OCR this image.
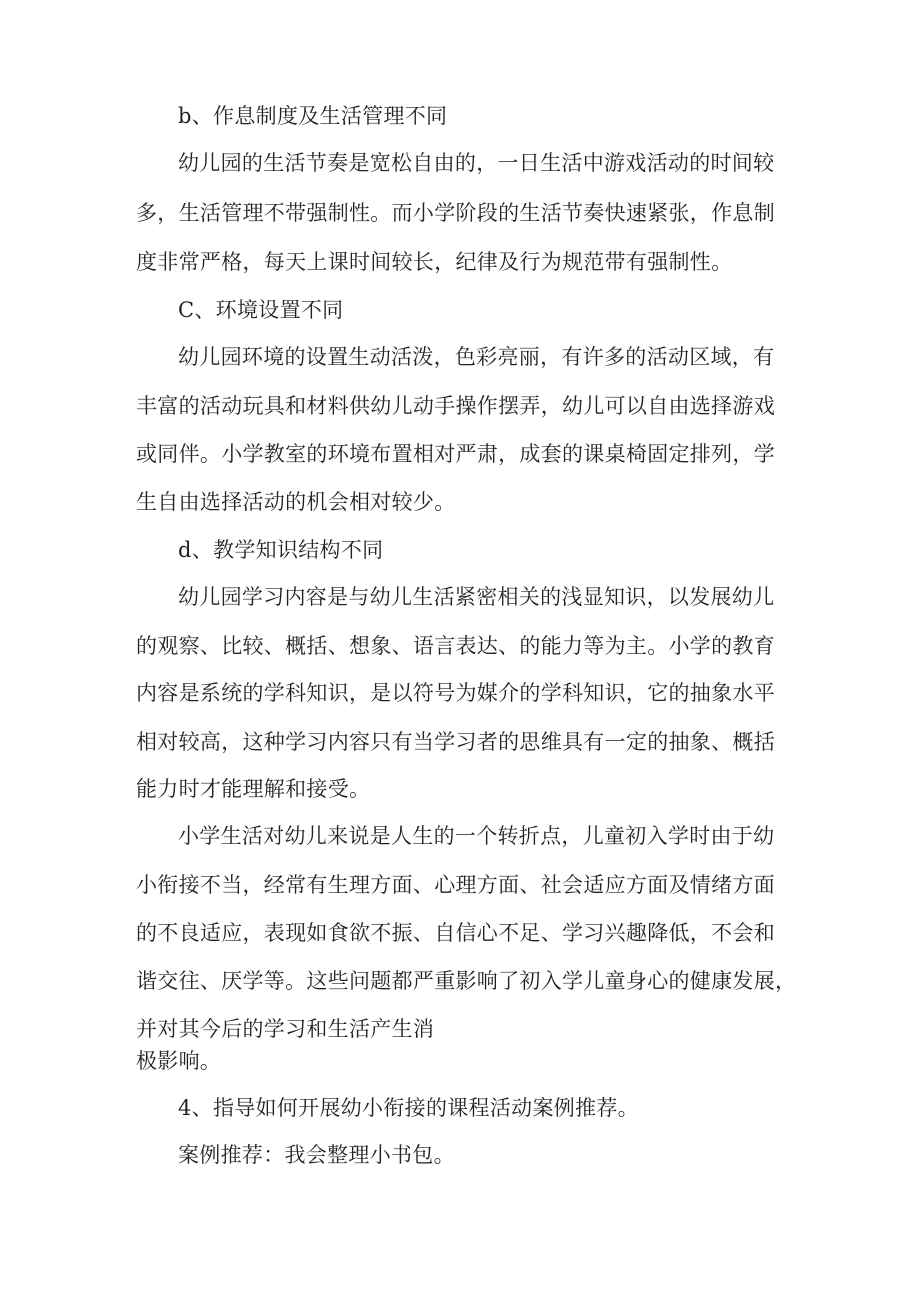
b、作息制度及生活管理不同
幼儿园的生活节奏是宽松自由的，一日生活中游戏活动的时间较
多，生活管理不带强制性。而小学阶段的生活节奏快速紧张，作息制
度非常严格，每天上课时间较长，纪律及行为规范带有强制性。
C、环境设置不同
幼儿园环境的设置生动活泼，色彩亮丽，有许多的活动区域，有
丰富的活动玩具和材料供幼儿动手操作摆弄，幼儿可以自由选择游戏
或同伴。小学教室的环境布置相对严肃，成套的课桌椅固定排列，学
生自由选择活动的机会相对较少。
d、教学知识结构不同
幼儿园学习内容是与幼儿生活紧密相关的浅显知识，以发展幼儿
的观察、比较、概括、想象、语言表达、的能力等为主。小学的教育
内容是系统的学科知识，是以符号为媒介的学科知识，它的抽象水平
相对较高，这种学习内容只有当学习者的思维具有一定的抽象、概括
能力时才能理解和接受。
小学生活对幼儿来说是人生的一个转折点，儿童初入学时由于幼
小衔接不当，经常有生理方面、心理方面、社会适应方面及情绪方面
的不良适应，表现如食欲不振、自信心不足、学习兴趣降低，不会和
谐交往、厌学等。这些问题都严重影响了初入学儿童身心的健康发展，
并对其今后的学习和生活产生消
极影响。
4、指导如何开展幼小衔接的课程活动案例推荐。
案例推荐：我会整理小书包。
